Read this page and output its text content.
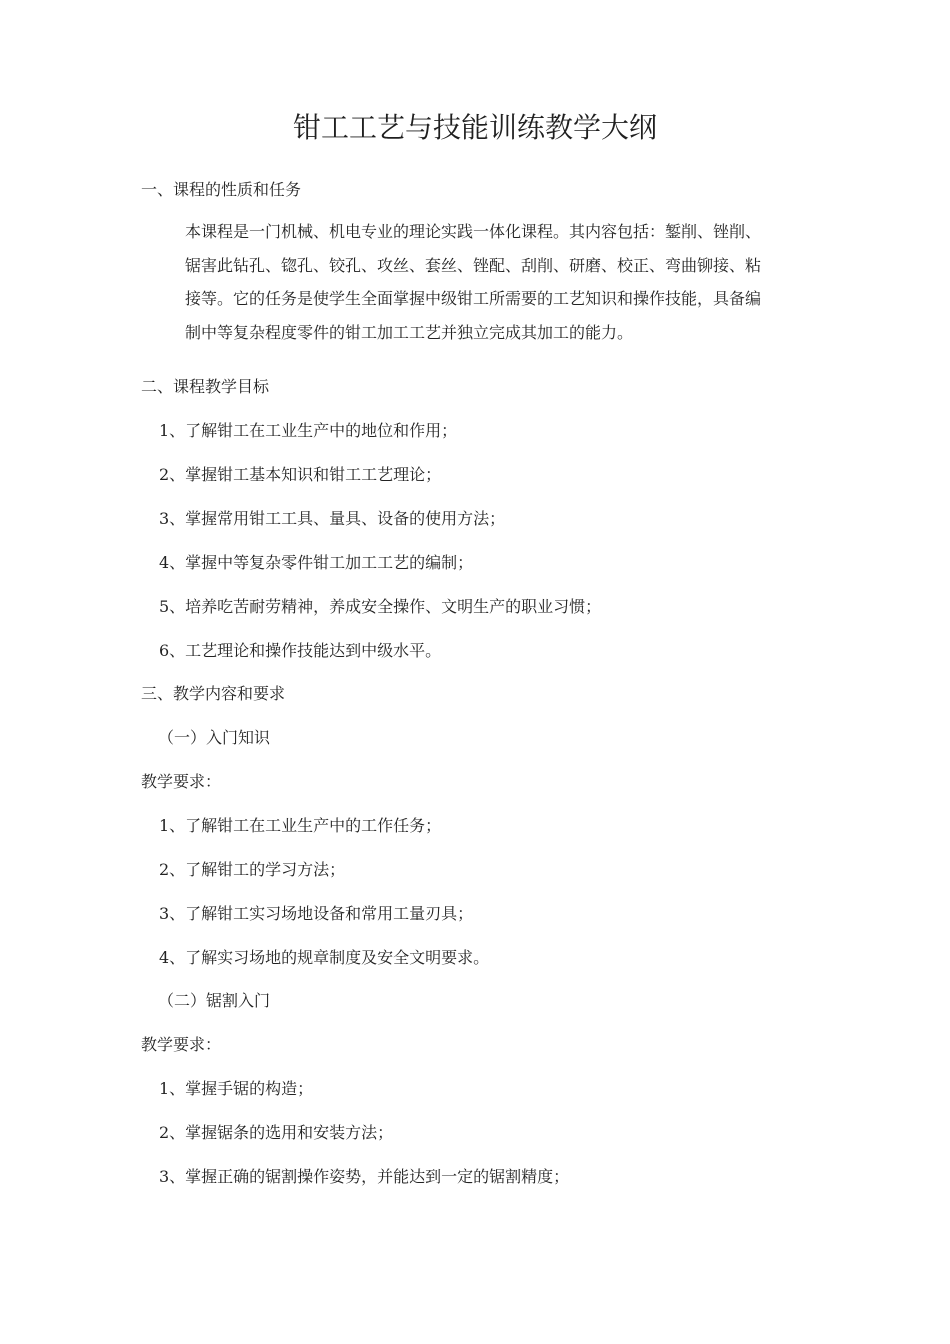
钳工工艺与技能训练教学大纲

一、课程的性质和任务

本课程是一门机械、机电专业的理论实践一体化课程。其内容包括：錾削、锉削、
锯害此钻孔、锪孔、铰孔、攻丝、套丝、锉配、刮削、研磨、校正、弯曲铆接、粘
接等。它的任务是使学生全面掌握中级钳工所需要的工艺知识和操作技能，具备编
制中等复杂程度零件的钳工加工工艺并独立完成其加工的能力。

二、课程教学目标

1、了解钳工在工业生产中的地位和作用；

2、掌握钳工基本知识和钳工工艺理论；

3、掌握常用钳工工具、量具、设备的使用方法；

4、掌握中等复杂零件钳工加工工艺的编制；

5、培养吃苦耐劳精神，养成安全操作、文明生产的职业习惯；

6、工艺理论和操作技能达到中级水平。

三、教学内容和要求

（一）入门知识

教学要求：

1、了解钳工在工业生产中的工作任务；

2、了解钳工的学习方法；

3、了解钳工实习场地设备和常用工量刃具；

4、了解实习场地的规章制度及安全文明要求。

（二）锯割入门

教学要求：

1、掌握手锯的构造；

2、掌握锯条的选用和安装方法；

3、掌握正确的锯割操作姿势，并能达到一定的锯割精度；
